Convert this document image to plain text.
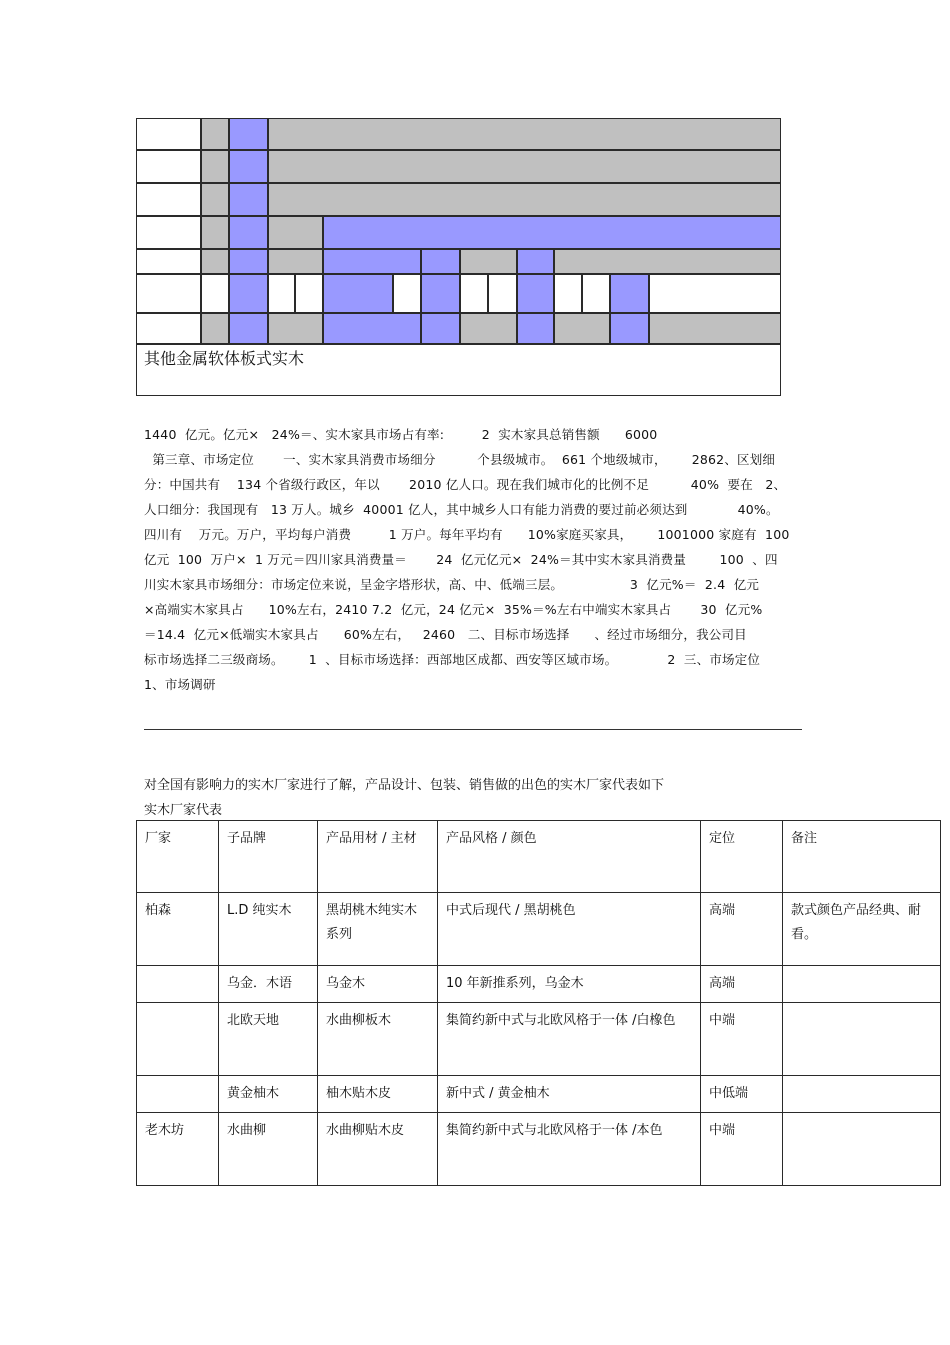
其他金属软体板式实木
1440  亿元。亿元×   24%＝、实木家具市场占有率:         2  实木家具总销售额      6000
第三章、市场定位       一、实木家具消费市场细分          个县级城市。  661 个地级城市，      2862、区划细
分：中国共有    134 个省级行政区，年以       2010 亿人口。现在我们城市化的比例不足          40%  要在   2、
人口细分：我国现有   13 万人。城乡  40001 亿人，其中城乡人口有能力消费的要过前必须达到            40%。
四川有    万元。万户，平均每户消费         1 万户。每年平均有      10%家庭买家具，      1001000 家庭有  100
亿元  100  万户×  1 万元＝四川家具消费量＝       24  亿元亿元×  24%＝其中实木家具消费量        100  、四
川实木家具市场细分：市场定位来说，呈金字塔形状，高、中、低端三层。                3  亿元%＝  2.4  亿元
×高端实木家具占      10%左右，2410 7.2  亿元，24 亿元×  35%＝%左右中端实木家具占       30  亿元%
＝14.4  亿元×低端实木家具占      60%左右，   2460   二、目标市场选择      、经过市场细分，我公司目
标市场选择二三级商场。      1  、目标市场选择：西部地区成都、西安等区域市场。            2  三、市场定位
1、市场调研
对全国有影响力的实木厂家进行了解，产品设计、包装、销售做的出色的实木厂家代表如下
实木厂家代表
厂家	子品牌	产品用材 / 主材	产品风格 / 颜色	定位	备注
柏森	L.D 纯实木	黑胡桃木纯实木系列	中式后现代 / 黑胡桃色	高端	款式颜色产品经典、耐看。
	乌金．木语	乌金木	10 年新推系列，乌金木	高端	
	北欧天地	水曲柳板木	集简约新中式与北欧风格于一体 /白橡色	中端	
	黄金柚木	柚木贴木皮	新中式 / 黄金柚木	中低端	
老木坊	水曲柳	水曲柳贴木皮	集简约新中式与北欧风格于一体 /本色	中端	
